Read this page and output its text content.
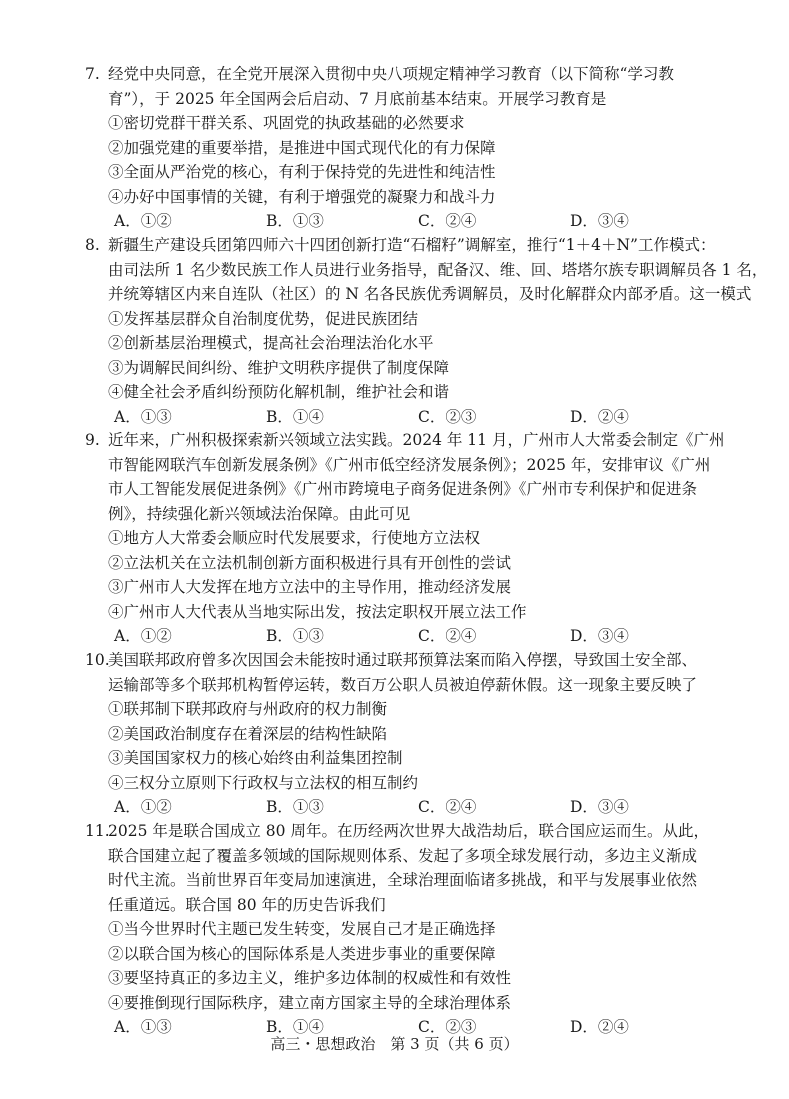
7. 经党中央同意，在全党开展深入贯彻中央八项规定精神学习教育（以下简称“学习教
育”），于 2025 年全国两会后启动、7 月底前基本结束。开展学习教育是
①密切党群干群关系、巩固党的执政基础的必然要求
②加强党建的重要举措，是推进中国式现代化的有力保障
③全面从严治党的核心，有利于保持党的先进性和纯洁性
④办好中国事情的关键，有利于增强党的凝聚力和战斗力
A．①②	B．①③	C．②④	D．③④
8. 新疆生产建设兵团第四师六十四团创新打造“石榴籽”调解室，推行“1＋4＋N”工作模式：
由司法所 1 名少数民族工作人员进行业务指导，配备汉、维、回、塔塔尔族专职调解员各 1 名，
并统筹辖区内来自连队（社区）的 N 名各民族优秀调解员，及时化解群众内部矛盾。这一模式
①发挥基层群众自治制度优势，促进民族团结
②创新基层治理模式，提高社会治理法治化水平
③为调解民间纠纷、维护文明秩序提供了制度保障
④健全社会矛盾纠纷预防化解机制，维护社会和谐
A．①③	B．①④	C．②③	D．②④
9. 近年来，广州积极探索新兴领域立法实践。2024 年 11 月，广州市人大常委会制定《广州
市智能网联汽车创新发展条例》《广州市低空经济发展条例》；2025 年，安排审议《广州
市人工智能发展促进条例》《广州市跨境电子商务促进条例》《广州市专利保护和促进条
例》，持续强化新兴领域法治保障。由此可见
①地方人大常委会顺应时代发展要求，行使地方立法权
②立法机关在立法机制创新方面积极进行具有开创性的尝试
③广州市人大发挥在地方立法中的主导作用，推动经济发展
④广州市人大代表从当地实际出发，按法定职权开展立法工作
A．①②	B．①③	C．②④	D．③④
10.
美国联邦政府曾多次因国会未能按时通过联邦预算法案而陷入停摆，导致国土安全部、
运输部等多个联邦机构暂停运转，数百万公职人员被迫停薪休假。这一现象主要反映了
①联邦制下联邦政府与州政府的权力制衡
②美国政治制度存在着深层的结构性缺陷
③美国国家权力的核心始终由利益集团控制
④三权分立原则下行政权与立法权的相互制约
A．①②	B．①③	C．②④	D．③④
11.
2025 年是联合国成立 80 周年。在历经两次世界大战浩劫后，联合国应运而生。从此，
联合国建立起了覆盖多领域的国际规则体系、发起了多项全球发展行动，多边主义渐成
时代主流。当前世界百年变局加速演进，全球治理面临诸多挑战，和平与发展事业依然
任重道远。联合国 80 年的历史告诉我们
①当今世界时代主题已发生转变，发展自己才是正确选择
②以联合国为核心的国际体系是人类进步事业的重要保障
③要坚持真正的多边主义，维护多边体制的权威性和有效性
④要推倒现行国际秩序，建立南方国家主导的全球治理体系
A．①③	B．①④	C．②③	D．②④
高三・思想政治　第 3 页（共 6 页）
